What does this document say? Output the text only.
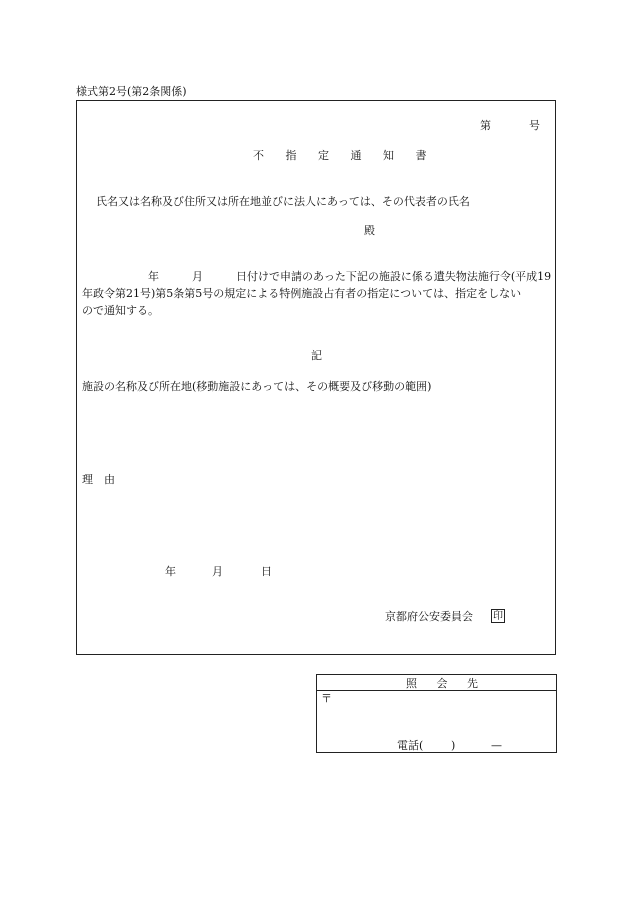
様式第2号(第2条関係)
第	号
不 指 定 通 知 書
氏名又は名称及び住所又は所在地並びに法人にあっては、その代表者の氏名
殿
　　　　　　年　　　月　　　日付けで申請のあった下記の施設に係る遺失物法施行令(平成19
年政令第21号)第5条第5号の規定による特例施設占有者の指定については、指定をしない
ので通知する。
記
施設の名称及び所在地(移動施設にあっては、その概要及び移動の範囲)
理　由
年	月	日
京都府公安委員会 印
照 会 先
〒
電話(	)	—
